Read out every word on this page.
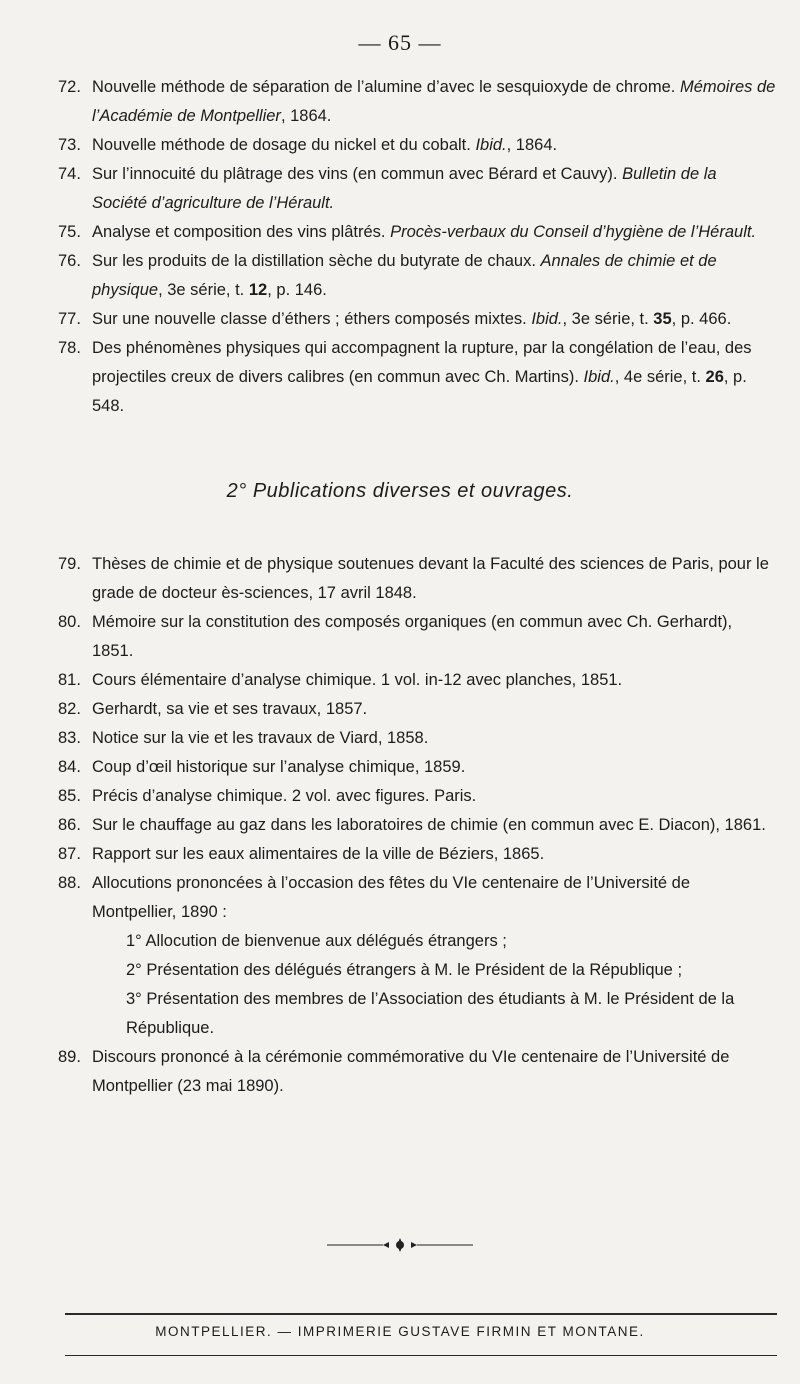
— 65 —
72. Nouvelle méthode de séparation de l’alumine d’avec le sesquioxyde de chrome. Mémoires de l’Académie de Montpellier, 1864.
73. Nouvelle méthode de dosage du nickel et du cobalt. Ibid., 1864.
74. Sur l’innocuité du plâtrage des vins (en commun avec Bérard et Cauvy). Bulletin de la Société d’agriculture de l’Hérault.
75. Analyse et composition des vins plâtrés. Procès-verbaux du Conseil d’hygiène de l’Hérault.
76. Sur les produits de la distillation sèche du butyrate de chaux. Annales de chimie et de physique, 3e série, t. 12, p. 146.
77. Sur une nouvelle classe d’éthers ; éthers composés mixtes. Ibid., 3e série, t. 35, p. 466.
78. Des phénomènes physiques qui accompagnent la rupture, par la congélation de l’eau, des projectiles creux de divers calibres (en commun avec Ch. Martins). Ibid., 4e série, t. 26, p. 548.
2° Publications diverses et ouvrages.
79. Thèses de chimie et de physique soutenues devant la Faculté des sciences de Paris, pour le grade de docteur ès-sciences, 17 avril 1848.
80. Mémoire sur la constitution des composés organiques (en commun avec Ch. Gerhardt), 1851.
81. Cours élémentaire d’analyse chimique. 1 vol. in-12 avec planches, 1851.
82. Gerhardt, sa vie et ses travaux, 1857.
83. Notice sur la vie et les travaux de Viard, 1858.
84. Coup d’œil historique sur l’analyse chimique, 1859.
85. Précis d’analyse chimique. 2 vol. avec figures. Paris.
86. Sur le chauffage au gaz dans les laboratoires de chimie (en commun avec E. Diacon), 1861.
87. Rapport sur les eaux alimentaires de la ville de Béziers, 1865.
88. Allocutions prononcées à l’occasion des fêtes du VIe centenaire de l’Université de Montpellier, 1890 :
1° Allocution de bienvenue aux délégués étrangers ;
2° Présentation des délégués étrangers à M. le Président de la République ;
3° Présentation des membres de l’Association des étudiants à M. le Président de la République.
89. Discours prononcé à la cérémonie commémorative du VIe centenaire de l’Université de Montpellier (23 mai 1890).
MONTPELLIER. — IMPRIMERIE GUSTAVE FIRMIN ET MONTANE.
